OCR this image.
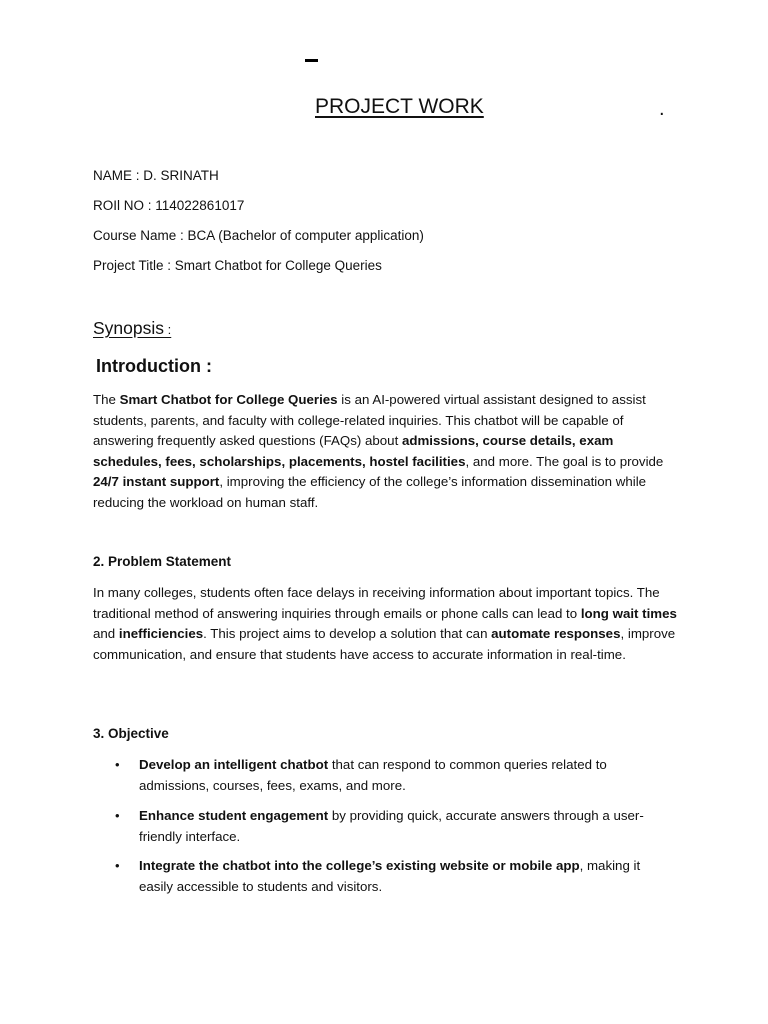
PROJECT WORK	.
NAME : D. SRINATH
ROIl NO : 114022861017
Course Name : BCA (Bachelor of computer application)
Project Title : Smart Chatbot for College Queries
Synopsis :
Introduction :

The Smart Chatbot for College Queries is an AI-powered virtual assistant designed to assist students, parents, and faculty with college-related inquiries. This chatbot will be capable of answering frequently asked questions (FAQs) about admissions, course details, exam schedules, fees, scholarships, placements, hostel facilities, and more. The goal is to provide 24/7 instant support, improving the efficiency of the college’s information dissemination while reducing the workload on human staff.

2. Problem Statement

In many colleges, students often face delays in receiving information about important topics. The traditional method of answering inquiries through emails or phone calls can lead to long wait times and inefficiencies. This project aims to develop a solution that can automate responses, improve communication, and ensure that students have access to accurate information in real-time.

3. Objective
• Develop an intelligent chatbot that can respond to common queries related to admissions, courses, fees, exams, and more.
• Enhance student engagement by providing quick, accurate answers through a user-friendly interface.
• Integrate the chatbot into the college’s existing website or mobile app, making it easily accessible to students and visitors.
